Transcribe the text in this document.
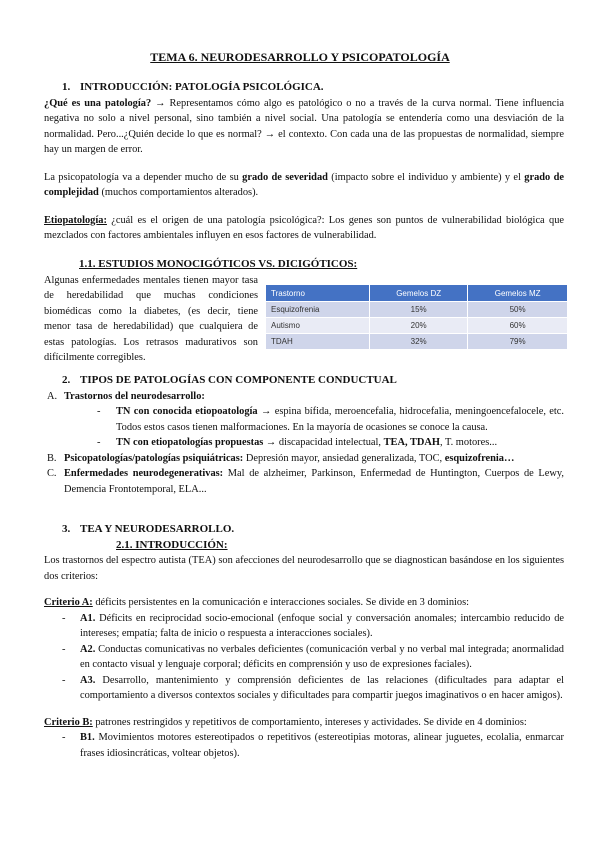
TEMA 6. NEURODESARROLLO Y PSICOPATOLOGÍA
1. INTRODUCCIÓN: PATOLOGÍA PSICOLÓGICA.
¿Qué es una patología? → Representamos cómo algo es patológico o no a través de la curva normal. Tiene influencia negativa no solo a nivel personal, sino también a nivel social. Una patología se entendería como una desviación de la normalidad. Pero...¿Quién decide lo que es normal? → el contexto. Con cada una de las propuestas de normalidad, siempre hay un margen de error.
La psicopatología va a depender mucho de su grado de severidad (impacto sobre el individuo y ambiente) y el grado de complejidad (muchos comportamientos alterados).
Etiopatología: ¿cuál es el origen de una patología psicológica?: Los genes son puntos de vulnerabilidad biológica que mezclados con factores ambientales influyen en esos factores de vulnerabilidad.
1.1. ESTUDIOS MONOCIGÓTICOS VS. DICIGÓTICOS:
Algunas enfermedades mentales tienen mayor tasa de heredabilidad que muchas condiciones biomédicas como la diabetes, (es decir, tiene menor tasa de heredabilidad) que cualquiera de estas patologías. Los retrasos madurativos son difícilmente corregibles.
Trastorno	Gemelos DZ	Gemelos MZ
Esquizofrenia	15%	50%
Autismo	20%	60%
TDAH	32%	79%
2. TIPOS DE PATOLOGÍAS CON COMPONENTE CONDUCTUAL
A. Trastornos del neurodesarrollo:
- TN con conocida etiopoatología → espina bífida, meroencefalia, hidrocefalia, meningoencefalocele, etc. Todos estos casos tienen malformaciones. En la mayoría de ocasiones se conoce la causa.
- TN con etiopatologías propuestas → discapacidad intelectual, TEA, TDAH, T. motores...
B. Psicopatologías/patologías psiquiátricas: Depresión mayor, ansiedad generalizada, TOC, esquizofrenia…
C. Enfermedades neurodegenerativas: Mal de alzheimer, Parkinson, Enfermedad de Huntington, Cuerpos de Lewy, Demencia Frontotemporal, ELA...
3. TEA Y NEURODESARROLLO.
2.1. INTRODUCCIÓN:
Los trastornos del espectro autista (TEA) son afecciones del neurodesarrollo que se diagnostican basándose en los siguientes dos criterios:
Criterio A: déficits persistentes en la comunicación e interacciones sociales. Se divide en 3 dominios:
- A1. Déficits en reciprocidad socio-emocional (enfoque social y conversación anomales; intercambio reducido de intereses; empatía; falta de inicio o respuesta a interacciones sociales).
- A2. Conductas comunicativas no verbales deficientes (comunicación verbal y no verbal mal integrada; anormalidad en contacto visual y lenguaje corporal; déficits en comprensión y uso de expresiones faciales).
- A3. Desarrollo, mantenimiento y comprensión deficientes de las relaciones (dificultades para adaptar el comportamiento a diversos contextos sociales y dificultades para compartir juegos imaginativos o en hacer amigos).
Criterio B: patrones restringidos y repetitivos de comportamiento, intereses y actividades. Se divide en 4 dominios:
- B1. Movimientos motores estereotipados o repetitivos (estereotipias motoras, alinear juguetes, ecolalia, enmarcar frases idiosincráticas, voltear objetos).
